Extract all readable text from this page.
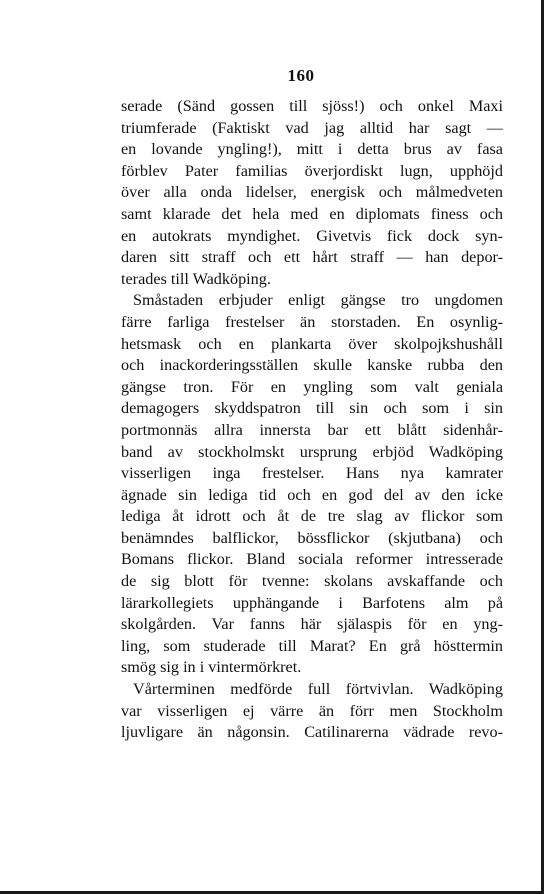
160
serade (Sänd gossen till sjöss!) och onkel Maxi
triumferade (Faktiskt vad jag alltid har sagt —
en lovande yngling!), mitt i detta brus av fasa
förblev Pater familias överjordiskt lugn, upphöjd
över alla onda lidelser, energisk och målmedveten
samt klarade det hela med en diplomats finess och
en autokrats myndighet. Givetvis fick dock syn-
daren sitt straff och ett hårt straff — han depor-
terades till Wadköping.
Småstaden erbjuder enligt gängse tro ungdomen
färre farliga frestelser än storstaden. En osynlig-
hetsmask och en plankarta över skolpojkshushåll
och inackorderingsställen skulle kanske rubba den
gängse tron. För en yngling som valt geniala
demagogers skyddspatron till sin och som i sin
portmonnäs allra innersta bar ett blått sidenhår-
band av stockholmskt ursprung erbjöd Wadköping
visserligen inga frestelser. Hans nya kamrater
ägnade sin lediga tid och en god del av den icke
lediga åt idrott och åt de tre slag av flickor som
benämndes balflickor, bössflickor (skjutbana) och
Bomans flickor. Bland sociala reformer intresserade
de sig blott för tvenne: skolans avskaffande och
lärarkollegiets upphängande i Barfotens alm på
skolgården. Var fanns här själaspis för en yng-
ling, som studerade till Marat? En grå hösttermin
smög sig in i vintermörkret.
Vårterminen medförde full förtvivlan. Wadköping
var visserligen ej värre än förr men Stockholm
ljuvligare än någonsin. Catilinarerna vädrade revo-
